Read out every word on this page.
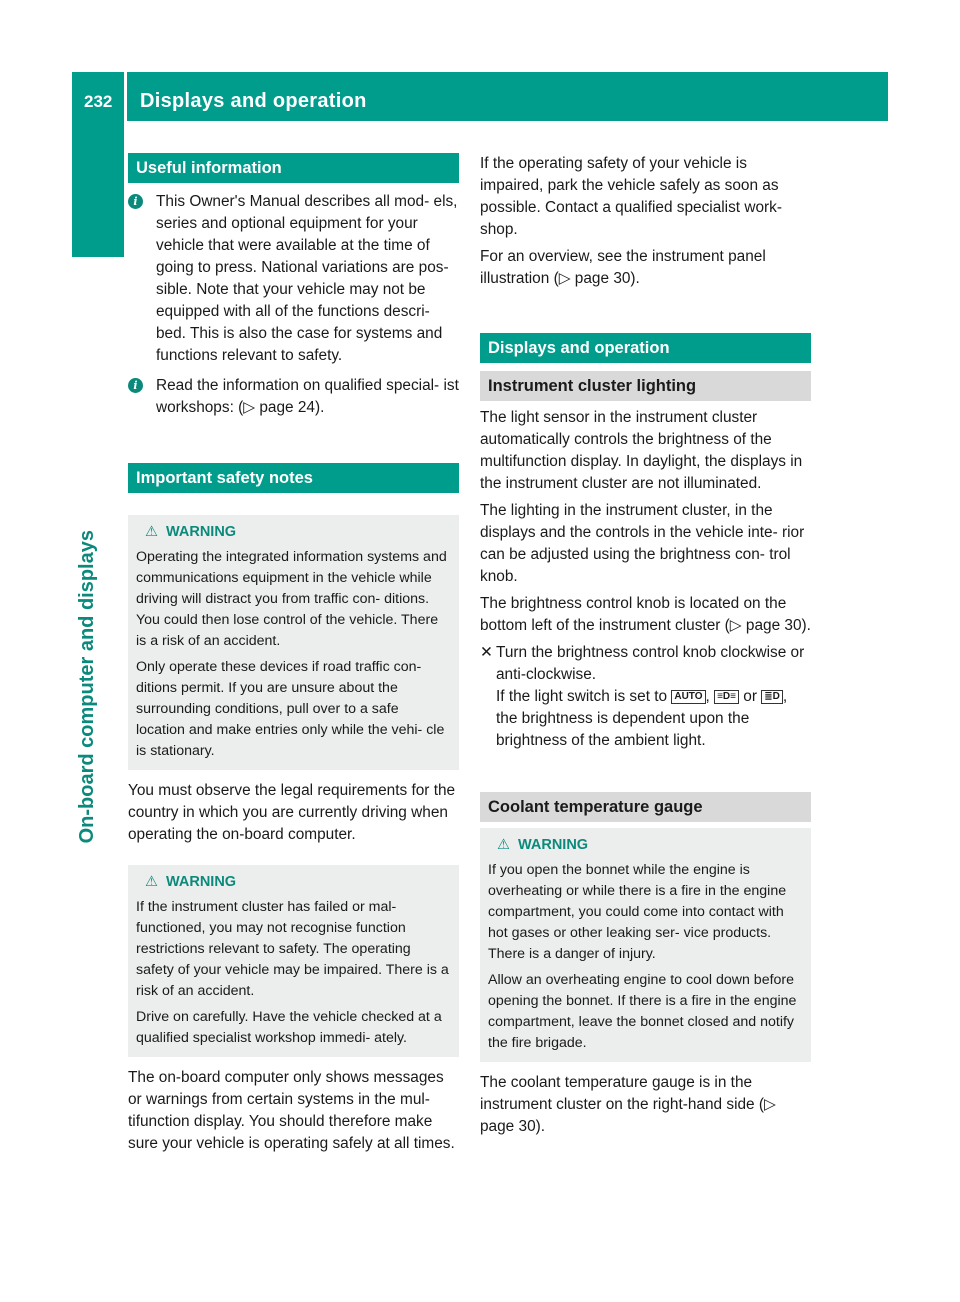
232 Displays and operation
On-board computer and displays
Useful information
i	This Owner's Manual describes all mod- els, series and optional equipment for your vehicle that were available at the time of going to press. National variations are pos- sible. Note that your vehicle may not be equipped with all of the functions descri- bed. This is also the case for systems and functions relevant to safety.
i	Read the information on qualified special- ist workshops: (▷ page 24).
Important safety notes
⚠ WARNING

Operating the integrated information systems and communications equipment in the vehicle while driving will distract you from traffic con- ditions. You could then lose control of the vehicle. There is a risk of an accident.

Only operate these devices if road traffic con- ditions permit. If you are unsure about the surrounding conditions, pull over to a safe location and make entries only while the vehi- cle is stationary.

You must observe the legal requirements for the country in which you are currently driving when operating the on-board computer.

⚠ WARNING

If the instrument cluster has failed or mal- functioned, you may not recognise function restrictions relevant to safety. The operating safety of your vehicle may be impaired. There is a risk of an accident.

Drive on carefully. Have the vehicle checked at a qualified specialist workshop immedi- ately.

The on-board computer only shows messages or warnings from certain systems in the mul- tifunction display. You should therefore make sure your vehicle is operating safely at all times.

If the operating safety of your vehicle is impaired, park the vehicle safely as soon as possible. Contact a qualified specialist work- shop.

For an overview, see the instrument panel illustration (▷ page 30).

Displays and operation
Instrument cluster lighting

The light sensor in the instrument cluster automatically controls the brightness of the multifunction display. In daylight, the displays in the instrument cluster are not illuminated.

The lighting in the instrument cluster, in the displays and the controls in the vehicle inte- rior can be adjusted using the brightness con- trol knob.

The brightness control knob is located on the bottom left of the instrument cluster (▷ page 30).

✕ Turn the brightness control knob clockwise or anti-clockwise.
If the light switch is set to AUTO , ≡D≡ or ≣D , the brightness is dependent upon the brightness of the ambient light.
Coolant temperature gauge
⚠ WARNING

If you open the bonnet while the engine is overheating or while there is a fire in the engine compartment, you could come into contact with hot gases or other leaking ser- vice products. There is a danger of injury.

Allow an overheating engine to cool down before opening the bonnet. If there is a fire in the engine compartment, leave the bonnet closed and notify the fire brigade.

The coolant temperature gauge is in the instrument cluster on the right-hand side (▷ page 30).
